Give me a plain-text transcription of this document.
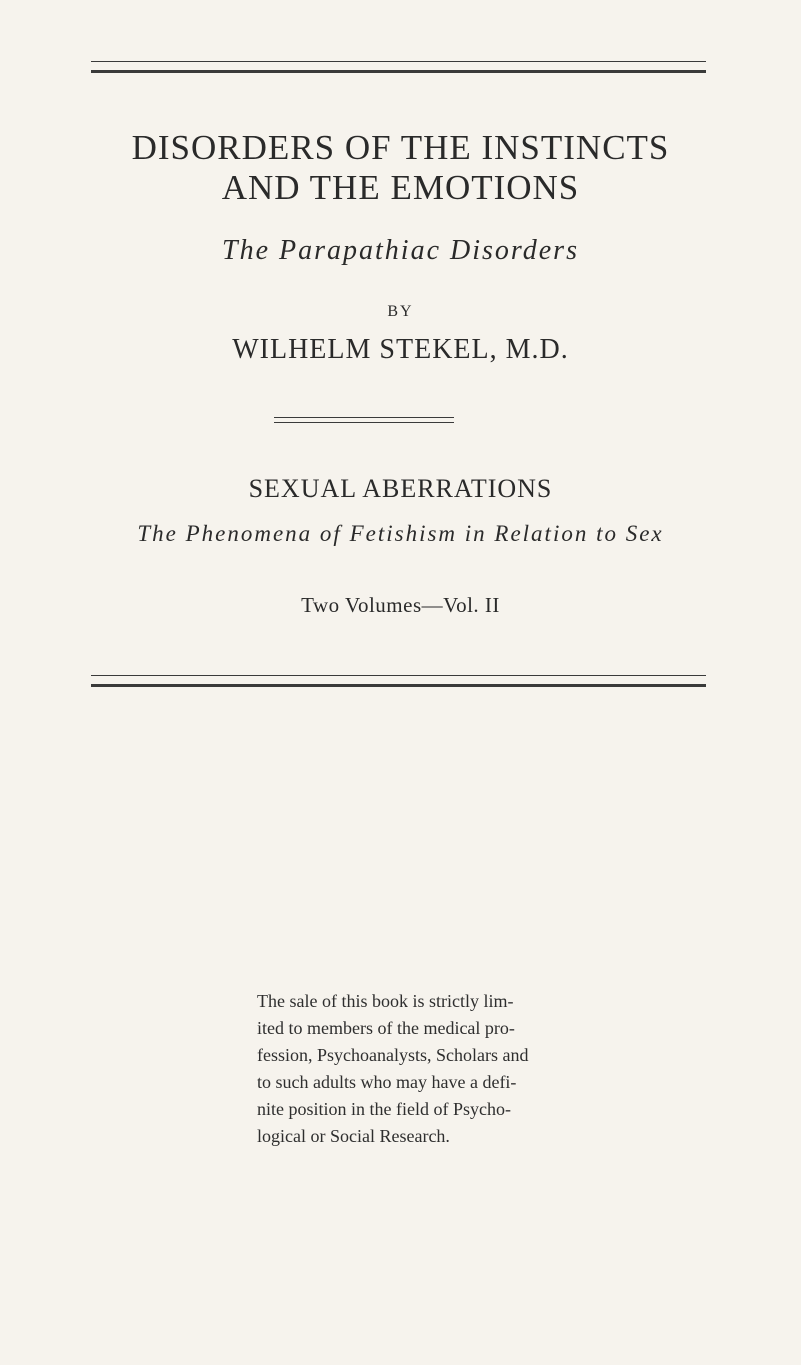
DISORDERS OF THE INSTINCTS
AND THE EMOTIONS
The Parapathiac Disorders
BY
WILHELM STEKEL, M.D.
SEXUAL ABERRATIONS
The Phenomena of Fetishism in Relation to Sex
Two Volumes—Vol. II

The sale of this book is strictly lim-

ited to members of the medical pro-

fession, Psychoanalysts, Scholars and

to such adults who may have a defi-

nite position in the field of Psycho-

logical or Social Research.
